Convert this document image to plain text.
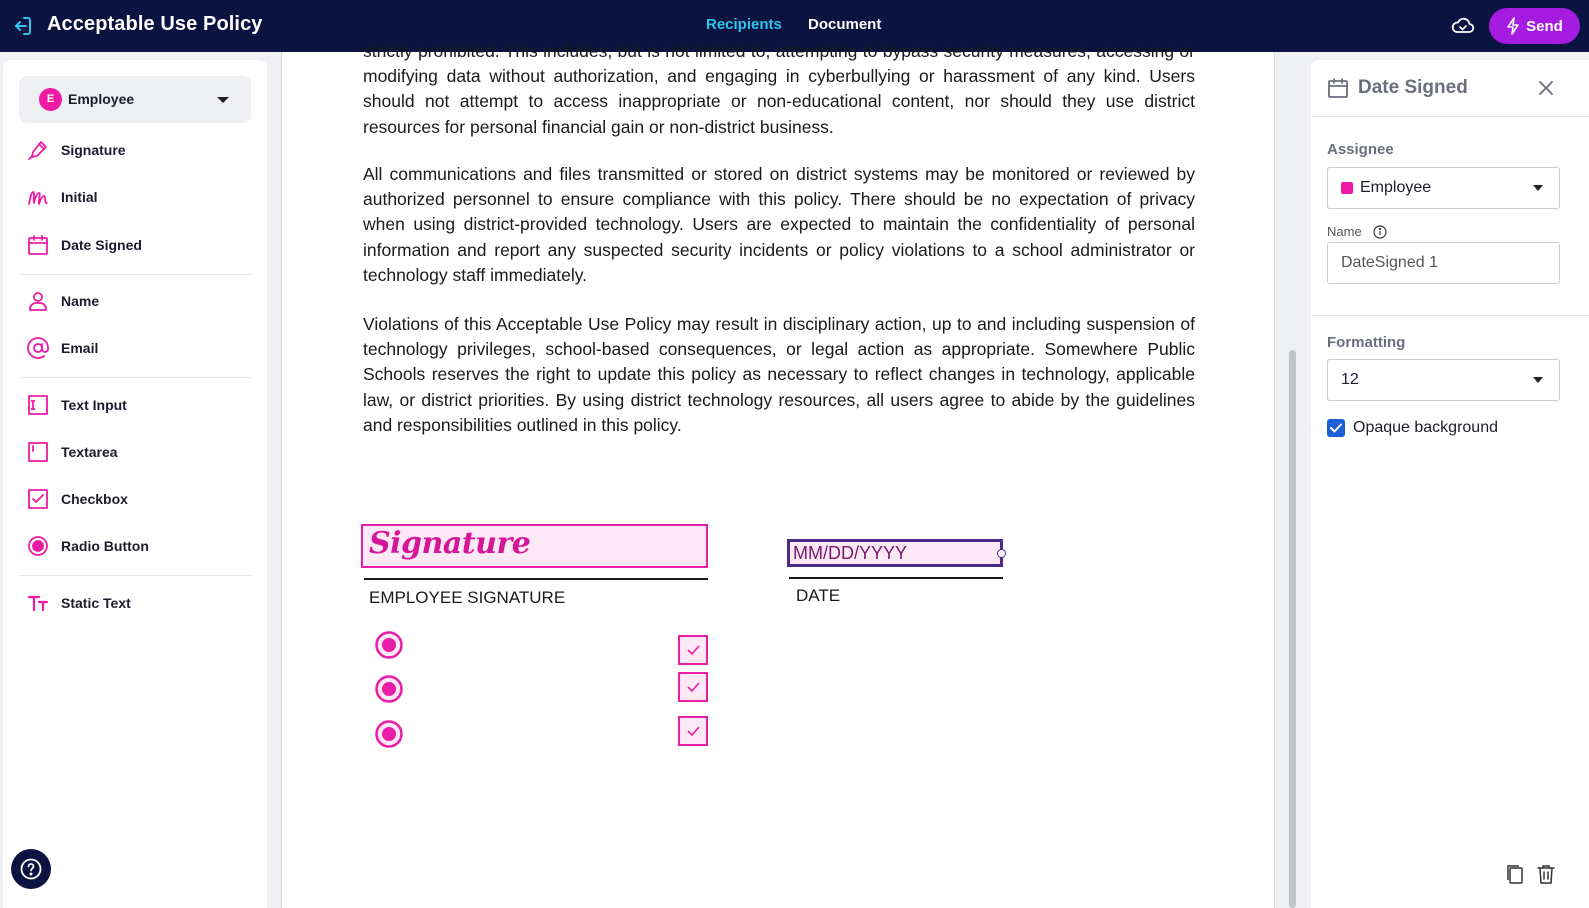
Acceptable Use Policy	Recipients Document	Send
E Employee
Signature
Initial
Date Signed
Name
Email
Text Input
Textarea
Checkbox
Radio Button
Static Text

strictly prohibited. This includes, but is not limited to, attempting to bypass security measures, accessing or modifying data without authorization, and engaging in cyberbullying or harassment of any kind. Users should not attempt to access inappropriate or non-educational content, nor should they use district resources for personal financial gain or non-district business.

All communications and files transmitted or stored on district systems may be monitored or reviewed by authorized personnel to ensure compliance with this policy. There should be no expectation of privacy when using district-provided technology. Users are expected to maintain the confidentiality of personal information and report any suspected security incidents or policy violations to a school administrator or technology staff immediately.

Violations of this Acceptable Use Policy may result in disciplinary action, up to and including suspension of technology privileges, school-based consequences, or legal action as appropriate. Somewhere Public Schools reserves the right to update this policy as necessary to reflect changes in technology, applicable law, or district priorities. By using district technology resources, all users agree to abide by the guidelines and responsibilities outlined in this policy.

Signature
EMPLOYEE SIGNATURE
MM/DD/YYYY
DATE
Date Signed
Assignee
Employee
Name
DateSigned 1
Formatting
12
Opaque background
